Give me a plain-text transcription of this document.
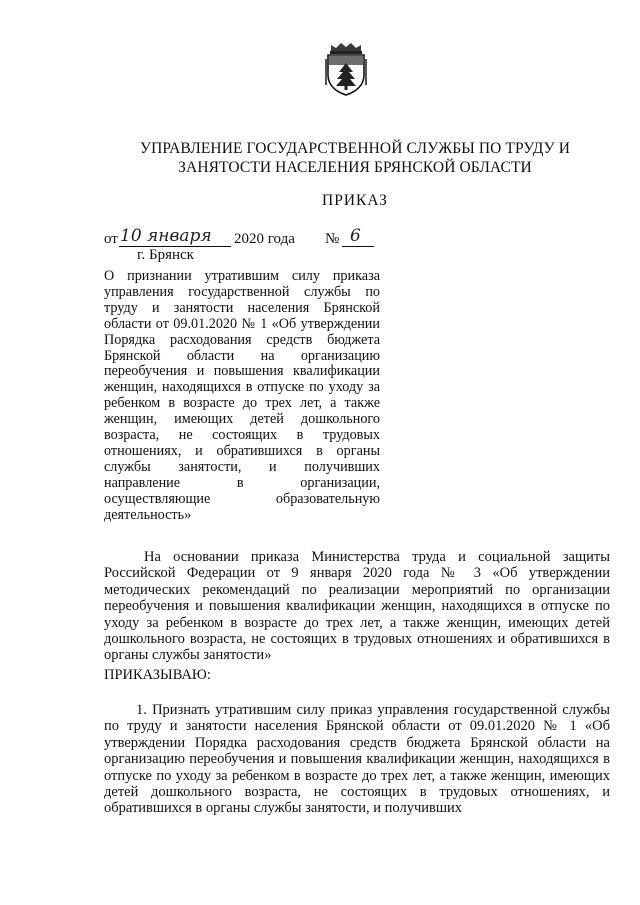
УПРАВЛЕНИЕ ГОСУДАРСТВЕННОЙ СЛУЖБЫ ПО ТРУДУ И
ЗАНЯТОСТИ НАСЕЛЕНИЯ БРЯНСКОЙ ОБЛАСТИ
ПРИКАЗ
от 10 января 2020 года № 6
г. Брянск
О признании утратившим силу приказа управления государственной службы по труду и занятости населения Брянской области от 09.01.2020 № 1 «Об утверждении Порядка расходования средств бюджета Брянской области на организацию переобучения и повышения квалификации женщин, находящихся в отпуске по уходу за ребенком в возрасте до трех лет, а также женщин, имеющих детей дошкольного возраста, не состоящих в трудовых отношениях, и обратившихся в органы службы занятости, и получивших направление в организации, осуществляющие образовательную деятельность»
На основании приказа Министерства труда и социальной защиты Российской Федерации от 9 января 2020 года № 3 «Об утверждении методических рекомендаций по реализации мероприятий по организации переобучения и повышения квалификации женщин, находящихся в отпуске по уходу за ребенком в возрасте до трех лет, а также женщин, имеющих детей дошкольного возраста, не состоящих в трудовых отношениях и обратившихся в органы службы занятости»
ПРИКАЗЫВАЮ:
1. Признать утратившим силу приказ управления государственной службы по труду и занятости населения Брянской области от 09.01.2020 № 1 «Об утверждении Порядка расходования средств бюджета Брянской области на организацию переобучения и повышения квалификации женщин, находящихся в отпуске по уходу за ребенком в возрасте до трех лет, а также женщин, имеющих детей дошкольного возраста, не состоящих в трудовых отношениях, и обратившихся в органы службы занятости, и получивших
